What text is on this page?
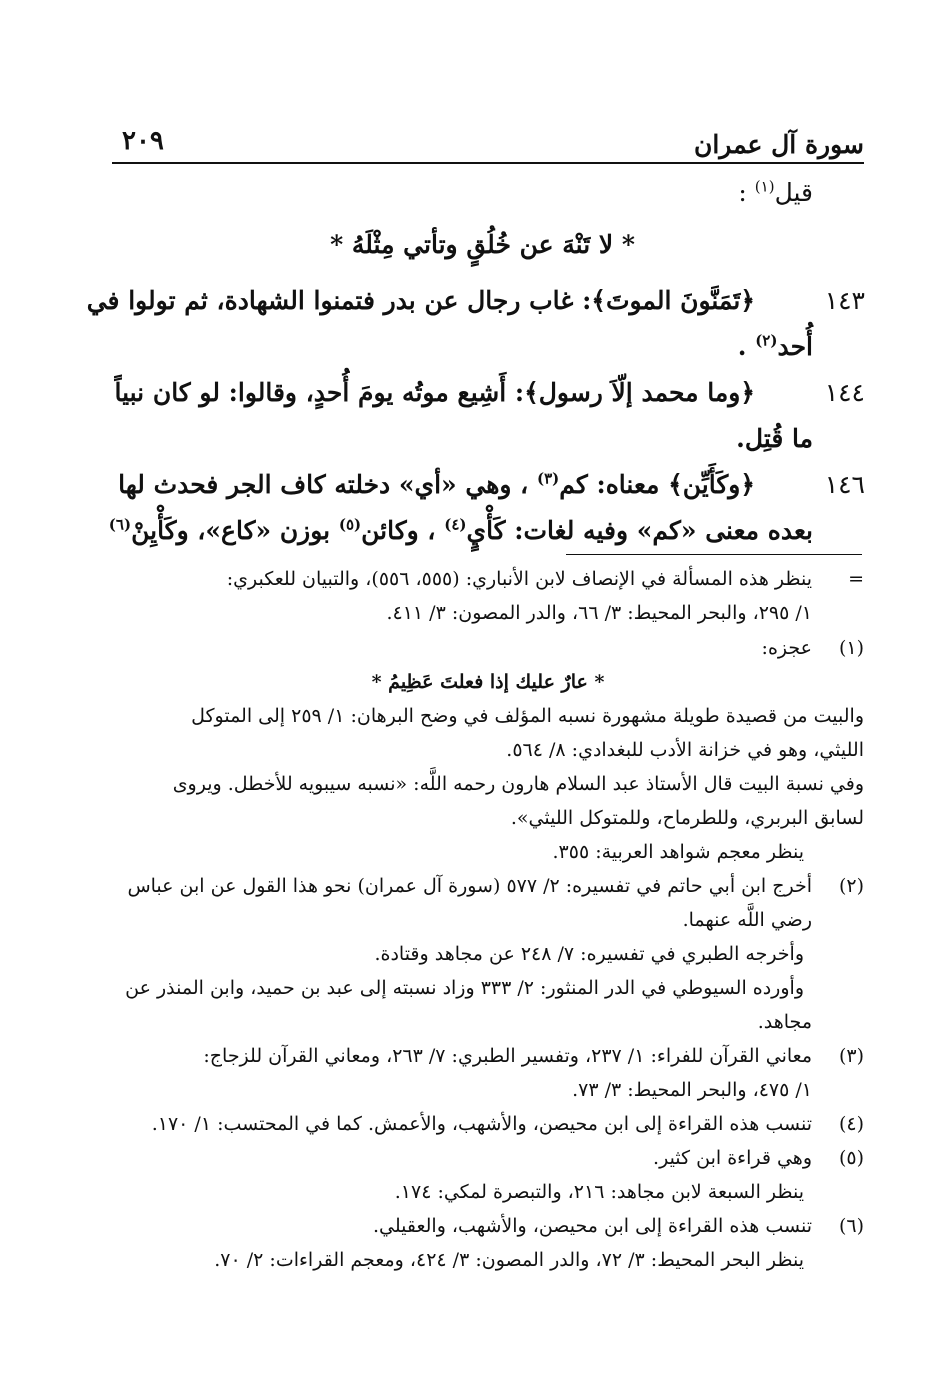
سورة آل عمران
٢٠٩
قيل$^{(١)}$ :
* لا تَنْهَ عن خُلُقٍ وتأتي مِثْلَهُ *
١٤٣
﴿تَمَنَّونَ الموتَ﴾: غاب رجال عن بدر فتمنوا الشهادة، ثم تولوا في
أُحد$^{(٢)}$ .
١٤٤
﴿وما محمد إلّاَ رسول﴾: أَشِيع موتُه يومَ أُحدٍ، وقالوا: لو كان نبياً
ما قُتِل.
١٤٦
﴿وكَأَيِّن﴾ معناه: كم$^{(٣)}$ ، وهي «أي» دخلته كاف الجر فحدث لها
بعده معنى «كم» وفيه لغات: كَأْيٍ$^{(٤)}$ ، وكائن$^{(٥)}$ بوزن «كاع»، وكَأْيِنْ$^{(٦)}$
=
ينظر هذه المسألة في الإنصاف لابن الأنباري: (٥٥٥، ٥٥٦)، والتبيان للعكبري:
١/ ٢٩٥، والبحر المحيط: ٣/ ٦٦، والدر المصون: ٣/ ٤١١.
(١)
عجزه:
* عارٌ عليك إذا فعلتَ عَظِيمُ *
والبيت من قصيدة طويلة مشهورة نسبه المؤلف في وضح البرهان: ١/ ٢٥٩ إلى المتوكل
الليثي، وهو في خزانة الأدب للبغدادي: ٨/ ٥٦٤.
وفي نسبة البيت قال الأستاذ عبد السلام هارون رحمه اللَّه: «نسبه سيبويه للأخطل. ويروى
لسابق البربري، وللطرماح، وللمتوكل الليثي».
ينظر معجم شواهد العربية: ٣٥٥.
(٢)
أخرج ابن أبي حاتم في تفسيره: ٢/ ٥٧٧ (سورة آل عمران) نحو هذا القول عن ابن عباس
رضي اللَّه عنهما.
وأخرجه الطبري في تفسيره: ٧/ ٢٤٨ عن مجاهد وقتادة.
وأورده السيوطي في الدر المنثور: ٢/ ٣٣٣ وزاد نسبته إلى عبد بن حميد، وابن المنذر عن
مجاهد.
(٣)
معاني القرآن للفراء: ١/ ٢٣٧، وتفسير الطبري: ٧/ ٢٦٣، ومعاني القرآن للزجاج:
١/ ٤٧٥، والبحر المحيط: ٣/ ٧٣.
(٤)
تنسب هذه القراءة إلى ابن محيصن، والأشهب، والأعمش. كما في المحتسب: ١/ ١٧٠.
(٥)
وهي قراءة ابن كثير.
ينظر السبعة لابن مجاهد: ٢١٦، والتبصرة لمكي: ١٧٤.
(٦)
تنسب هذه القراءة إلى ابن محيصن، والأشهب، والعقيلي.
ينظر البحر المحيط: ٣/ ٧٢، والدر المصون: ٣/ ٤٢٤، ومعجم القراءات: ٢/ ٧٠.
